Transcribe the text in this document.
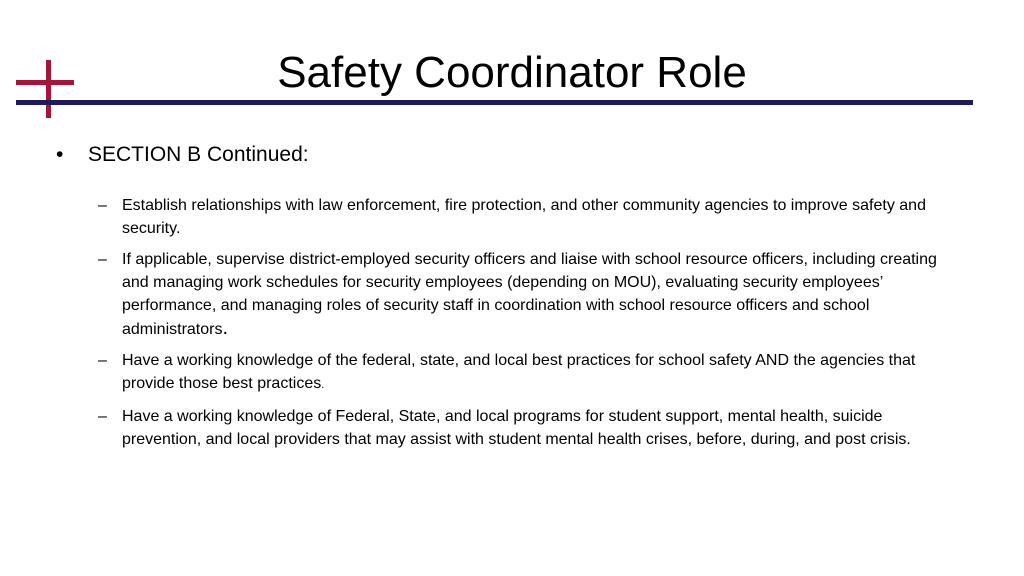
Safety Coordinator Role
• SECTION B Continued:
– Establish relationships with law enforcement, fire protection, and other community agencies to improve safety and security.
– If applicable, supervise district-employed security officers and liaise with school resource officers, including creating and managing work schedules for security employees (depending on MOU), evaluating security employees’ performance, and managing roles of security staff in coordination with school resource officers and school administrators.
– Have a working knowledge of the federal, state, and local best practices for school safety AND the agencies that provide those best practices.
– Have a working knowledge of Federal, State, and local programs for student support, mental health, suicide prevention, and local providers that may assist with student mental health crises, before, during, and post crisis.
